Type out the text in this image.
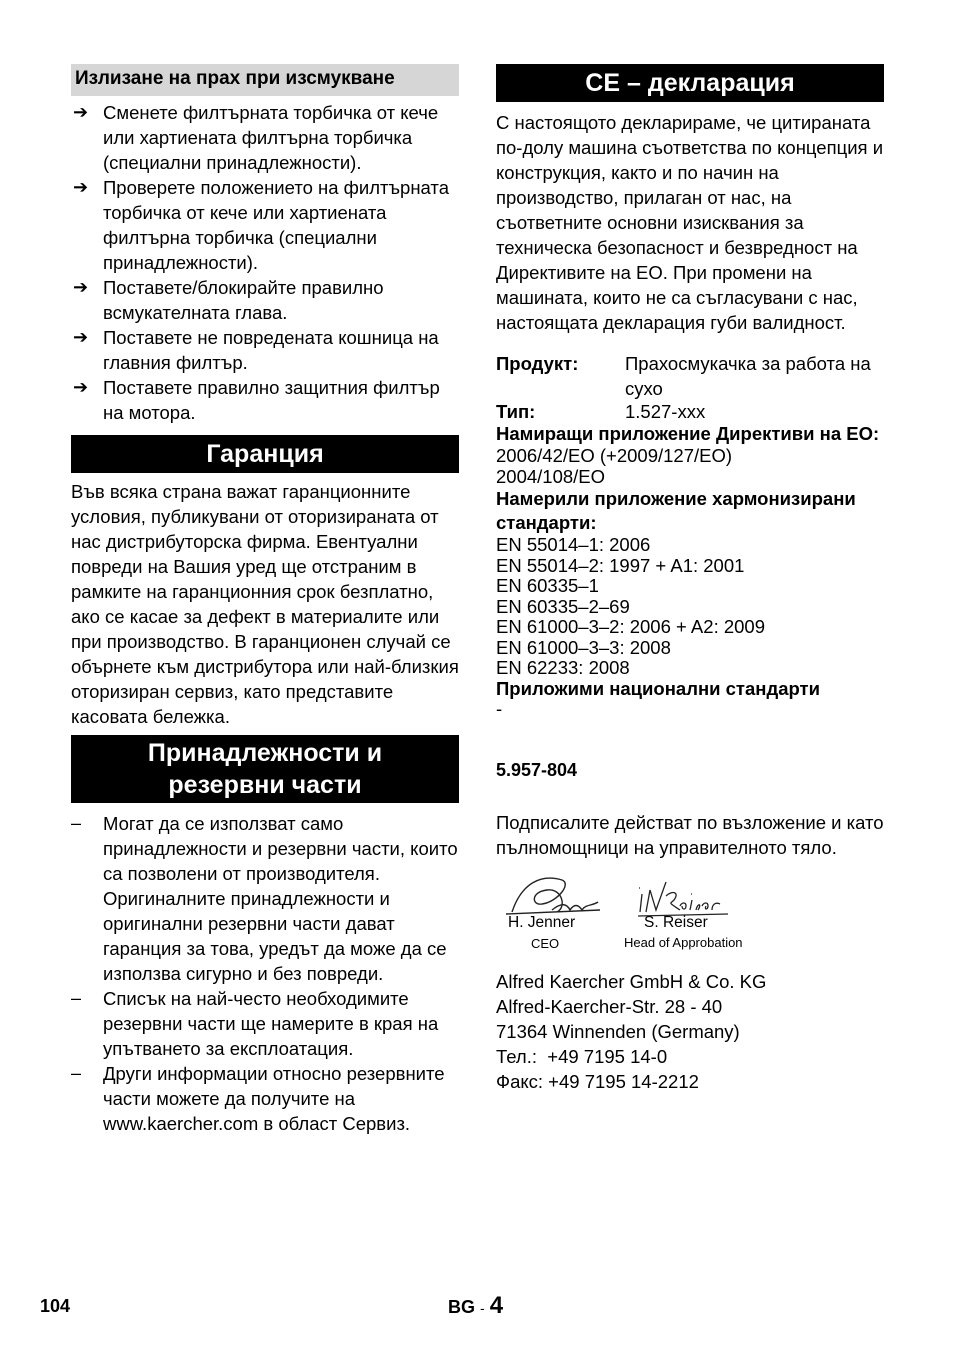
Излизане на прах при изсмукване
➔ Сменете филтърната торбичка от кече или хартиената филтърна торбичка (специални принадлежности).
➔ Проверете положението на филтърната торбичка от кече или хартиената филтърна торбичка (специални принадлежности).
➔ Поставете/блокирайте правилно всмукателната глава.
➔ Поставете не повредената кошница на главния филтър.
➔ Поставете правилно защитния филтър на мотора.
Гаранция

Във всяка страна важат гаранционните условия, публикувани от оторизираната от нас дистрибуторска фирма. Евентуални повреди на Вашия уред ще отстраним в рамките на гаранционния срок безплатно, ако се касае за дефект в материалите или при производство. В гаранционен случай се обърнете към дистрибутора или най-близкия оторизиран сервиз, като представите касовата бележка.

Принадлежности и
резервни части
–	Могат да се използват само принадлежности и резервни части, които са позволени от производителя. Оригиналните принадлежности и оригинални резервни части дават гаранция за това, уредът да може да се използва сигурно и без повреди.
–	Списък на най-често необходимите резервни части ще намерите в края на упътването за експлоатация.
–	Други информации относно резервните части можете да получите на www.kaercher.com в област Сервиз.
CE – декларация

С настоящото декларираме, че цитираната по-долу машина съответства по концепция и конструкция, както и по начин на производство, прилаган от нас, на съответните основни изисквания за техническа безопасност и безвредност на Директивите на ЕО. При промени на машината, които не са съгласувани с нас, настоящата декларация губи валидност.

Продукт:	Прахосмукачка за работа на сухо
Тип:	1.527-xxx
Намиращи приложение Директиви на ЕО:
2006/42/EO (+2009/127/EO)
2004/108/EO
Намерили приложение хармонизирани стандарти:
EN 55014–1: 2006
EN 55014–2: 1997 + A1: 2001
EN 60335–1
EN 60335–2–69
EN 61000–3–2: 2006 + A2: 2009
EN 61000–3–3: 2008
EN 62233: 2008
Приложими национални стандарти
-
5.957-804

Подписалите действат по възложение и като пълномощници на управителното тяло.

H. Jenner	S. Reiser
CEO	Head of Approbation
Alfred Kaercher GmbH & Co. KG
Alfred-Kaercher-Str. 28 - 40
71364 Winnenden (Germany)
Тел.:  +49 7195 14-0
Факс: +49 7195 14-2212
104	BG - 4
